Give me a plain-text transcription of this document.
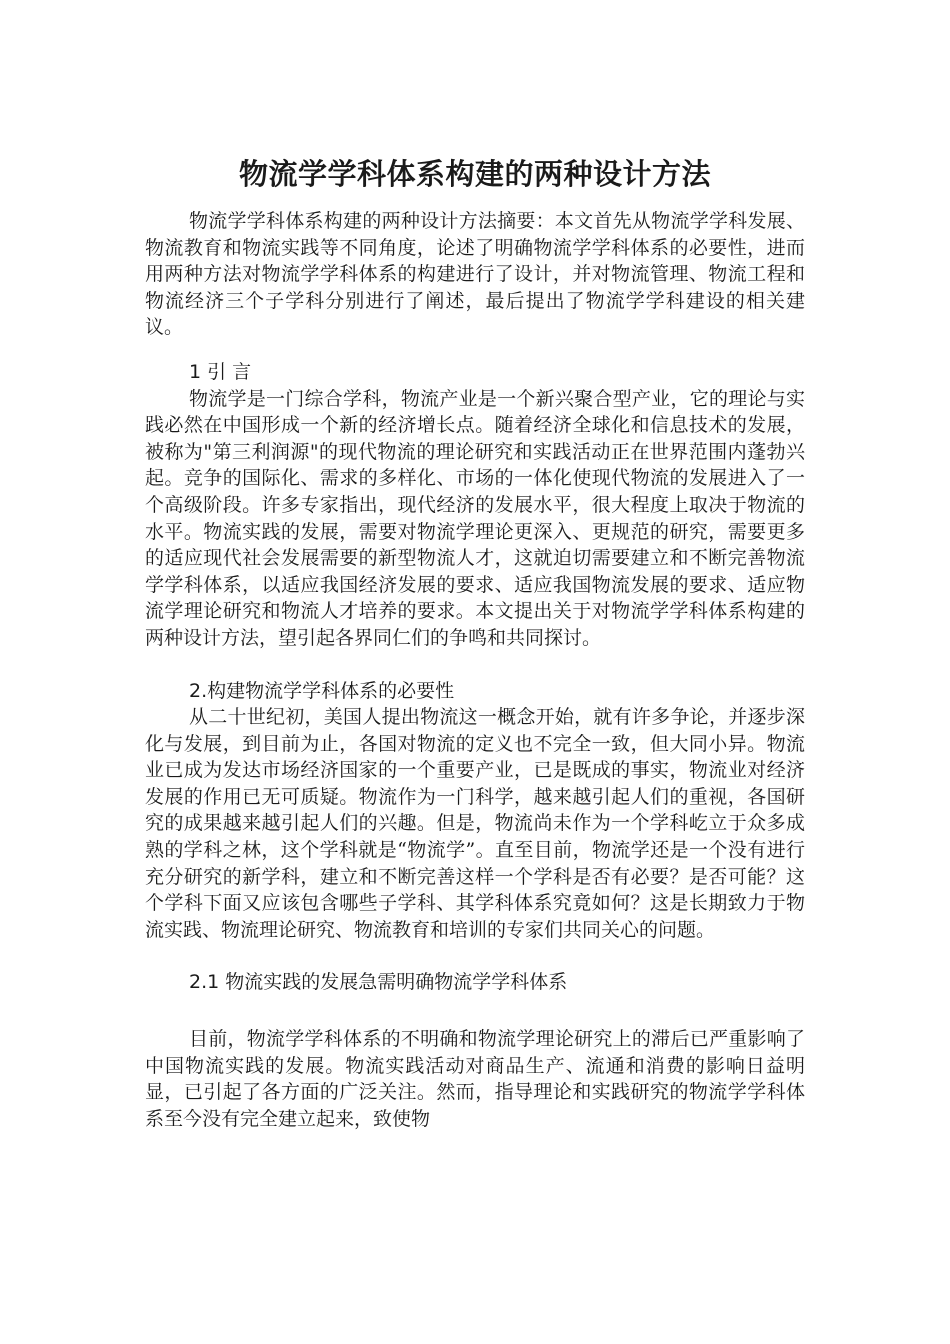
物流学学科体系构建的两种设计方法

物流学学科体系构建的两种设计方法摘要：本文首先从物流学学科发展、物流教育和物流实践等不同角度，论述了明确物流学学科体系的必要性，进而用两种方法对物流学学科体系的构建进行了设计，并对物流管理、物流工程和物流经济三个子学科分别进行了阐述，最后提出了物流学学科建设的相关建议。

1 引 言

物流学是一门综合学科，物流产业是一个新兴聚合型产业，它的理论与实践必然在中国形成一个新的经济增长点。随着经济全球化和信息技术的发展，被称为"第三利润源"的现代物流的理论研究和实践活动正在世界范围内蓬勃兴起。竞争的国际化、需求的多样化、市场的一体化使现代物流的发展进入了一个高级阶段。许多专家指出，现代经济的发展水平，很大程度上取决于物流的水平。物流实践的发展，需要对物流学理论更深入、更规范的研究，需要更多的适应现代社会发展需要的新型物流人才，这就迫切需要建立和不断完善物流学学科体系，以适应我国经济发展的要求、适应我国物流发展的要求、适应物流学理论研究和物流人才培养的要求。本文提出关于对物流学学科体系构建的两种设计方法，望引起各界同仁们的争鸣和共同探讨。

2.构建物流学学科体系的必要性

从二十世纪初，美国人提出物流这一概念开始，就有许多争论，并逐步深化与发展，到目前为止，各国对物流的定义也不完全一致，但大同小异。物流业已成为发达市场经济国家的一个重要产业，已是既成的事实，物流业对经济发展的作用已无可质疑。物流作为一门科学，越来越引起人们的重视，各国研究的成果越来越引起人们的兴趣。但是，物流尚未作为一个学科屹立于众多成熟的学科之林，这个学科就是“物流学”。直至目前，物流学还是一个没有进行充分研究的新学科，建立和不断完善这样一个学科是否有必要？是否可能？这个学科下面又应该包含哪些子学科、其学科体系究竟如何？这是长期致力于物流实践、物流理论研究、物流教育和培训的专家们共同关心的问题。

2.1 物流实践的发展急需明确物流学学科体系

目前，物流学学科体系的不明确和物流学理论研究上的滞后已严重影响了中国物流实践的发展。物流实践活动对商品生产、流通和消费的影响日益明显，已引起了各方面的广泛关注。然而，指导理论和实践研究的物流学学科体系至今没有完全建立起来，致使物
